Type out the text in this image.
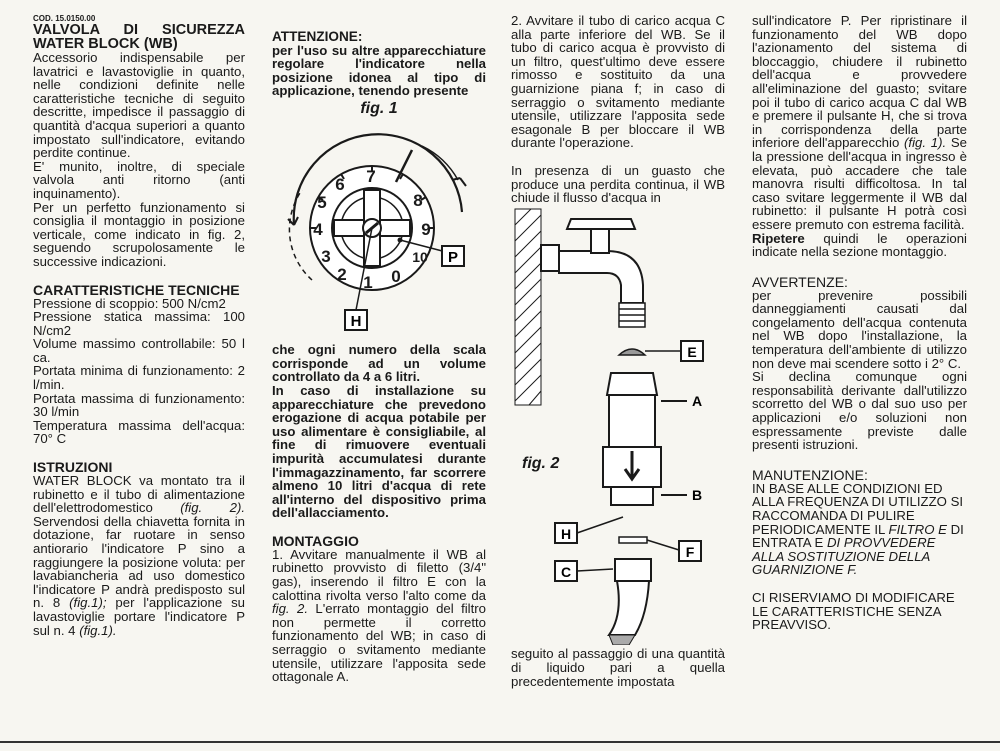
COD. 15.0150.00

VALVOLA DI SICUREZZA

WATER BLOCK (WB)

Accessorio indispensabile per lavatrici e lavastoviglie in quanto, nelle condizioni definite nelle caratteristiche tecniche di seguito descritte, impedisce il passaggio di quantità d'acqua superiori a quanto impostato sull'indicatore, evitando perdite continue.

E' munito, inoltre, di speciale valvola anti ritorno (anti inquinamento).

Per un perfetto funzionamento si consiglia il montaggio in posizione verticale, come indicato in fig. 2, seguendo scrupolosamente le successive indicazioni.

CARATTERISTICHE TECNICHE

Pressione di scoppio: 500 N/cm2

Pressione statica massima: 100 N/cm2

Volume massimo controllabile: 50 l ca.

Portata minima di funzionamento: 2 l/min.

Portata massima di funzionamento: 30 l/min

Temperatura massima dell'acqua: 70° C

ISTRUZIONI

WATER BLOCK va montato tra il rubinetto e il tubo di alimentazione dell'elettrodomestico (fig. 2). Servendosi della chiavetta fornita in dotazione, far ruotare in senso antiorario l'indicatore P sino a raggiungere la posizione voluta: per lavabiancheria ad uso domestico l'indicatore P andrà predisposto sul n. 8 (fig.1); per l'applicazione su lavastoviglie portare l'indicatore P sul n. 4 (fig.1).

ATTENZIONE:

per l'uso su altre apparecchiature regolare l'indicatore nella posizione idonea al tipo di applicazione, tenendo presente

fig. 1

7
6
5
4
3
2 1 0
10
9
8
P
H

che ogni numero della scala corrisponde ad un volume controllato da 4 a 6 litri.

In caso di installazione su apparecchiature che prevedono erogazione di acqua potabile per uso alimentare è consigliabile, al fine di rimuovere eventuali impurità accumulatesi durante l'immagazzinamento, far scorrere almeno 10 litri d'acqua di rete all'interno del dispositivo prima dell'allacciamento.

MONTAGGIO

1. Avvitare manualmente il WB al rubinetto provvisto di filetto (3/4" gas), inserendo il filtro E con la calottina rivolta verso l'alto come da fig. 2. L'errato montaggio del filtro non permette il corretto funzionamento del WB; in caso di serraggio o svitamento mediante utensile, utilizzare l'apposita sede ottagonale A.

2. Avvitare il tubo di carico acqua C alla parte inferiore del WB. Se il tubo di carico acqua è provvisto di un filtro, quest'ultimo deve essere rimosso e sostituito da una guarnizione piana f; in caso di serraggio o svitamento mediante utensile, utilizzare l'apposita sede esagonale B per bloccare il WB durante l'operazione.

In presenza di un guasto che produce una perdita continua, il WB chiude il flusso d'acqua in

E
A
B
H
F
C

seguito al passaggio di una quantità di liquido pari a quella precedentemente impostata

fig. 2

sull'indicatore P. Per ripristinare il funzionamento del WB dopo l'azionamento del sistema di bloccaggio, chiudere il rubinetto dell'acqua e provvedere all'eliminazione del guasto; svitare poi il tubo di carico acqua C dal WB e premere il pulsante H, che si trova in corrispondenza della parte inferiore dell'apparecchio (fig. 1). Se la pressione dell'acqua in ingresso è elevata, può accadere che tale manovra risulti difficoltosa. In tal caso svitare leggermente il WB dal rubinetto: il pulsante H potrà così essere premuto con estrema facilità.

Ripetere quindi le operazioni indicate nella sezione montaggio.

AVVERTENZE:

per prevenire possibili danneggiamenti causati dal congelamento dell'acqua contenuta nel WB dopo l'installazione, la temperatura dell'ambiente di utilizzo non deve mai scendere sotto i 2° C.

Si declina comunque ogni responsabilità derivante dall'utilizzo scorretto del WB o dal suo uso per applicazioni e/o soluzioni non espressamente previste dalle presenti istruzioni.

MANUTENZIONE:

IN BASE ALLE CONDIZIONI ED ALLA FREQUENZA DI UTILIZZO SI RACCOMANDA DI PULIRE PERIODICAMENTE IL FILTRO E DI ENTRATA E DI PROVVEDERE ALLA SOSTITUZIONE DELLA GUARNIZIONE F.

CI RISERVIAMO DI MODIFICARE LE CARATTERISTICHE SENZA PREAVVISO.
